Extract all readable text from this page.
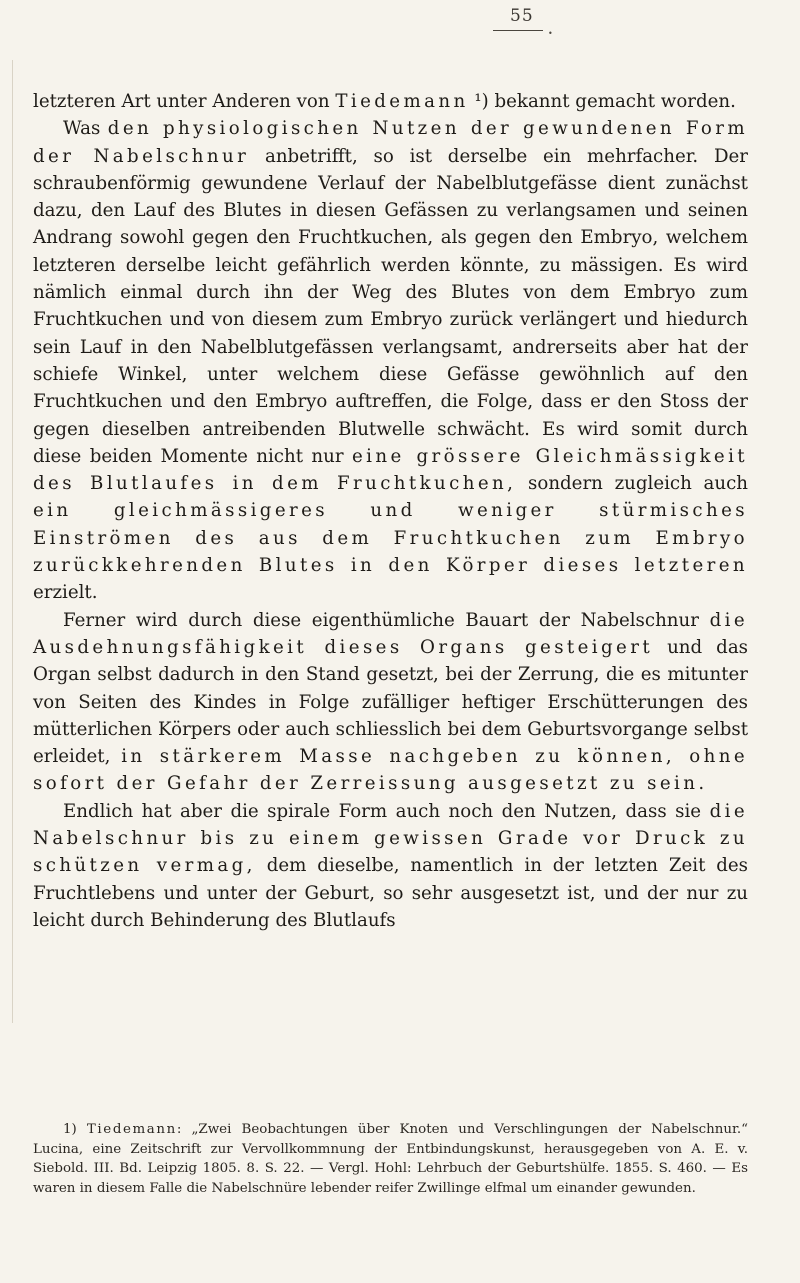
55
•

letzteren Art unter Anderen von Tiedemann ¹) bekannt gemacht worden.

Was den physiologischen Nutzen der gewundenen Form der Nabelschnur anbetrifft, so ist derselbe ein mehrfacher. Der schraubenförmig gewundene Verlauf der Nabelblutgefässe dient zunächst dazu, den Lauf des Blutes in diesen Gefässen zu verlangsamen und seinen Andrang sowohl gegen den Fruchtkuchen, als gegen den Embryo, welchem letzteren derselbe leicht gefährlich werden könnte, zu mässigen. Es wird nämlich einmal durch ihn der Weg des Blutes von dem Embryo zum Fruchtkuchen und von diesem zum Embryo zurück verlängert und hiedurch sein Lauf in den Nabelblutgefässen verlangsamt, andrerseits aber hat der schiefe Winkel, unter welchem diese Gefässe gewöhnlich auf den Fruchtkuchen und den Embryo auftreffen, die Folge, dass er den Stoss der gegen dieselben antreibenden Blutwelle schwächt. Es wird somit durch diese beiden Momente nicht nur eine grössere Gleichmässigkeit des Blutlaufes in dem Fruchtkuchen, sondern zugleich auch ein gleichmässigeres und weniger stürmisches Einströmen des aus dem Fruchtkuchen zum Embryo zurückkehrenden Blutes in den Körper dieses letzteren erzielt.

Ferner wird durch diese eigenthümliche Bauart der Nabelschnur die Ausdehnungsfähigkeit dieses Organs gesteigert und das Organ selbst dadurch in den Stand gesetzt, bei der Zerrung, die es mitunter von Seiten des Kindes in Folge zufälliger heftiger Erschütterungen des mütterlichen Körpers oder auch schliesslich bei dem Geburtsvorgange selbst erleidet, in stärkerem Masse nachgeben zu können, ohne sofort der Gefahr der Zerreissung ausgesetzt zu sein.

Endlich hat aber die spirale Form auch noch den Nutzen, dass sie die Nabelschnur bis zu einem gewissen Grade vor Druck zu schützen vermag, dem dieselbe, namentlich in der letzten Zeit des Fruchtlebens und unter der Geburt, so sehr ausgesetzt ist, und der nur zu leicht durch Behinderung des Blutlaufs

1) Tiedemann: „Zwei Beobachtungen über Knoten und Verschlingungen der Nabelschnur.“ Lucina, eine Zeitschrift zur Vervollkommnung der Entbindungskunst, herausgegeben von A. E. v. Siebold. III. Bd. Leipzig 1805. 8. S. 22. — Vergl. Hohl: Lehrbuch der Geburtshülfe. 1855. S. 460. — Es waren in diesem Falle die Nabelschnüre lebender reifer Zwillinge elfmal um einander gewunden.
